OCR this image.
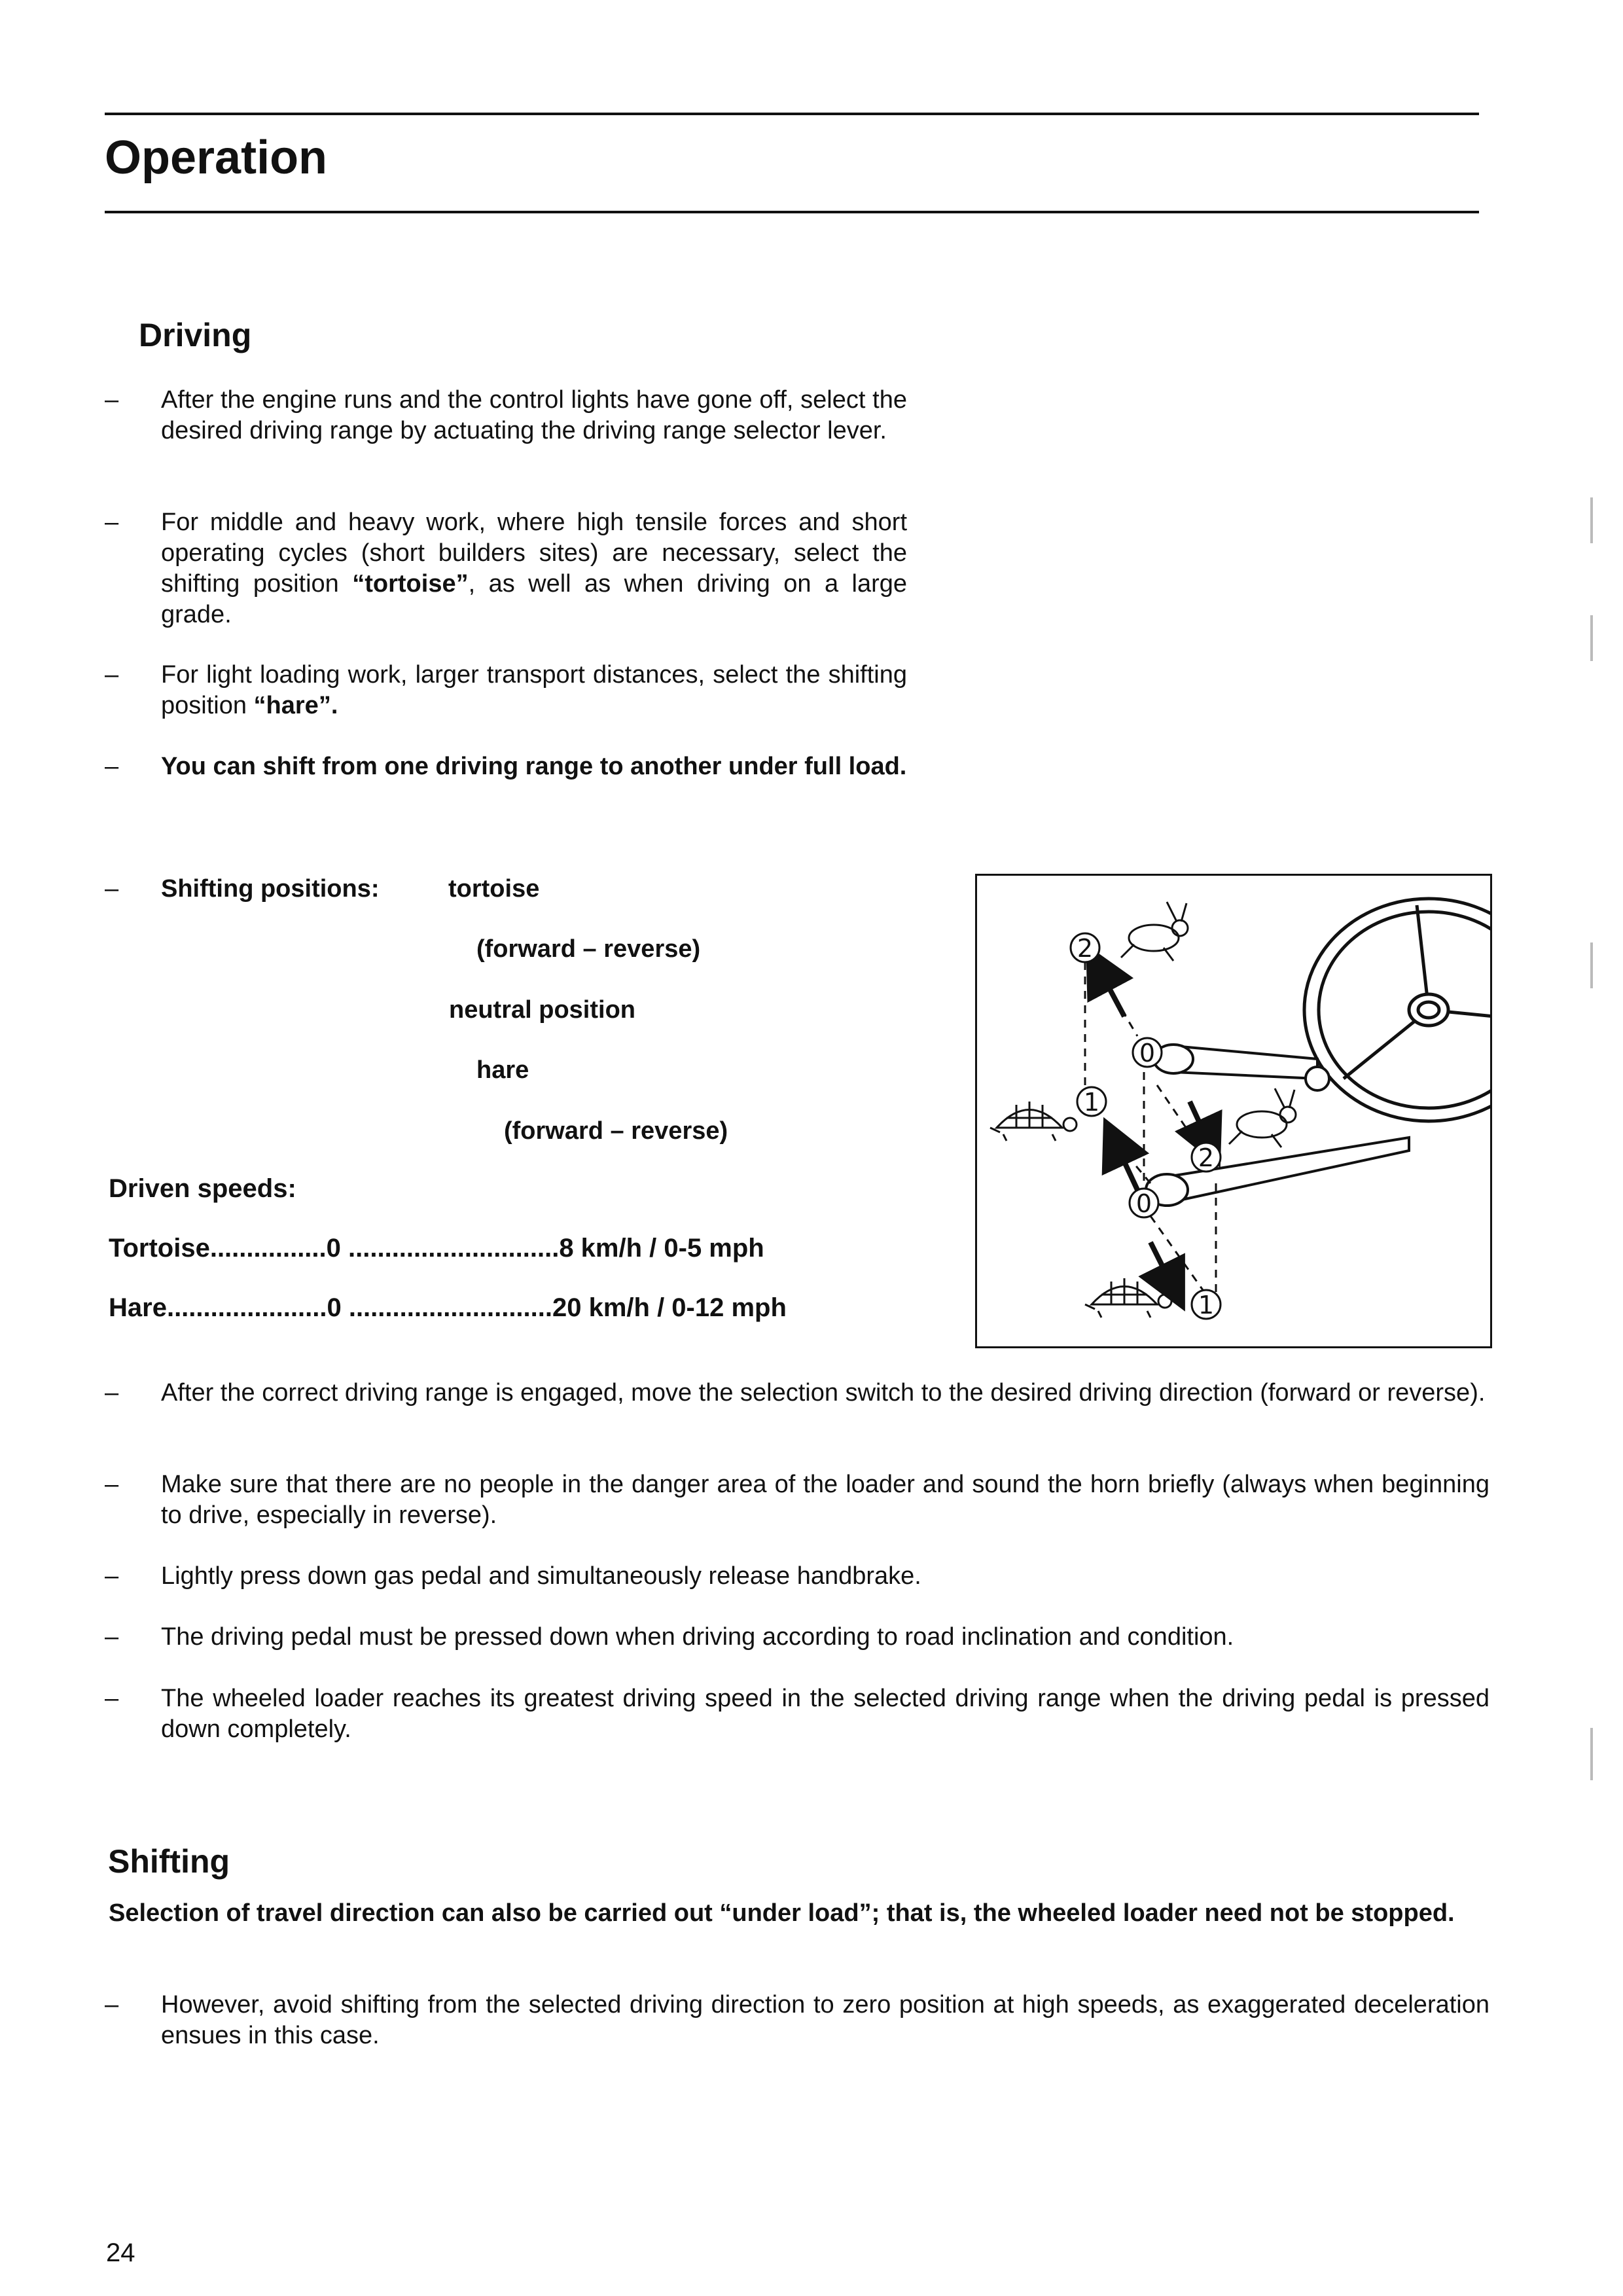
Operation
Driving
– After the engine runs and the control lights have gone off, select the desired driving range by actuating the driving range selector lever.
– For middle and heavy work, where high tensile forces and short operating cycles (short builders sites) are necessary, select the shifting position “tortoise”, as well as when driving on a large grade.
– For light loading work, larger transport distances, select the shifting position “hare”.
– You can shift from one driving range to another under full load.
– Shifting positions:	tortoise
(forward – reverse)
neutral position
hare
(forward – reverse)
Driven speeds:
Tortoise................0 .............................8 km/h / 0-5 mph
Hare......................0 ............................20 km/h / 0-12 mph
2
0
1
0
2
1
– After the correct driving range is engaged, move the selection switch to the desired driving direction (forward or reverse).
– Make sure that there are no people in the danger area of the loader and sound the horn briefly (always when beginning to drive, especially in reverse).
– Lightly press down gas pedal and simultaneously release handbrake.
– The driving pedal must be pressed down when driving according to road inclination and condition.
– The wheeled loader reaches its greatest driving speed in the selected driving range when the driving pedal is pressed down completely.
Shifting
Selection of travel direction can also be carried out “under load”; that is, the wheeled loader need not be stopped.
– However, avoid shifting from the selected driving direction to zero position at high speeds, as exaggerated deceleration ensues in this case.
24
